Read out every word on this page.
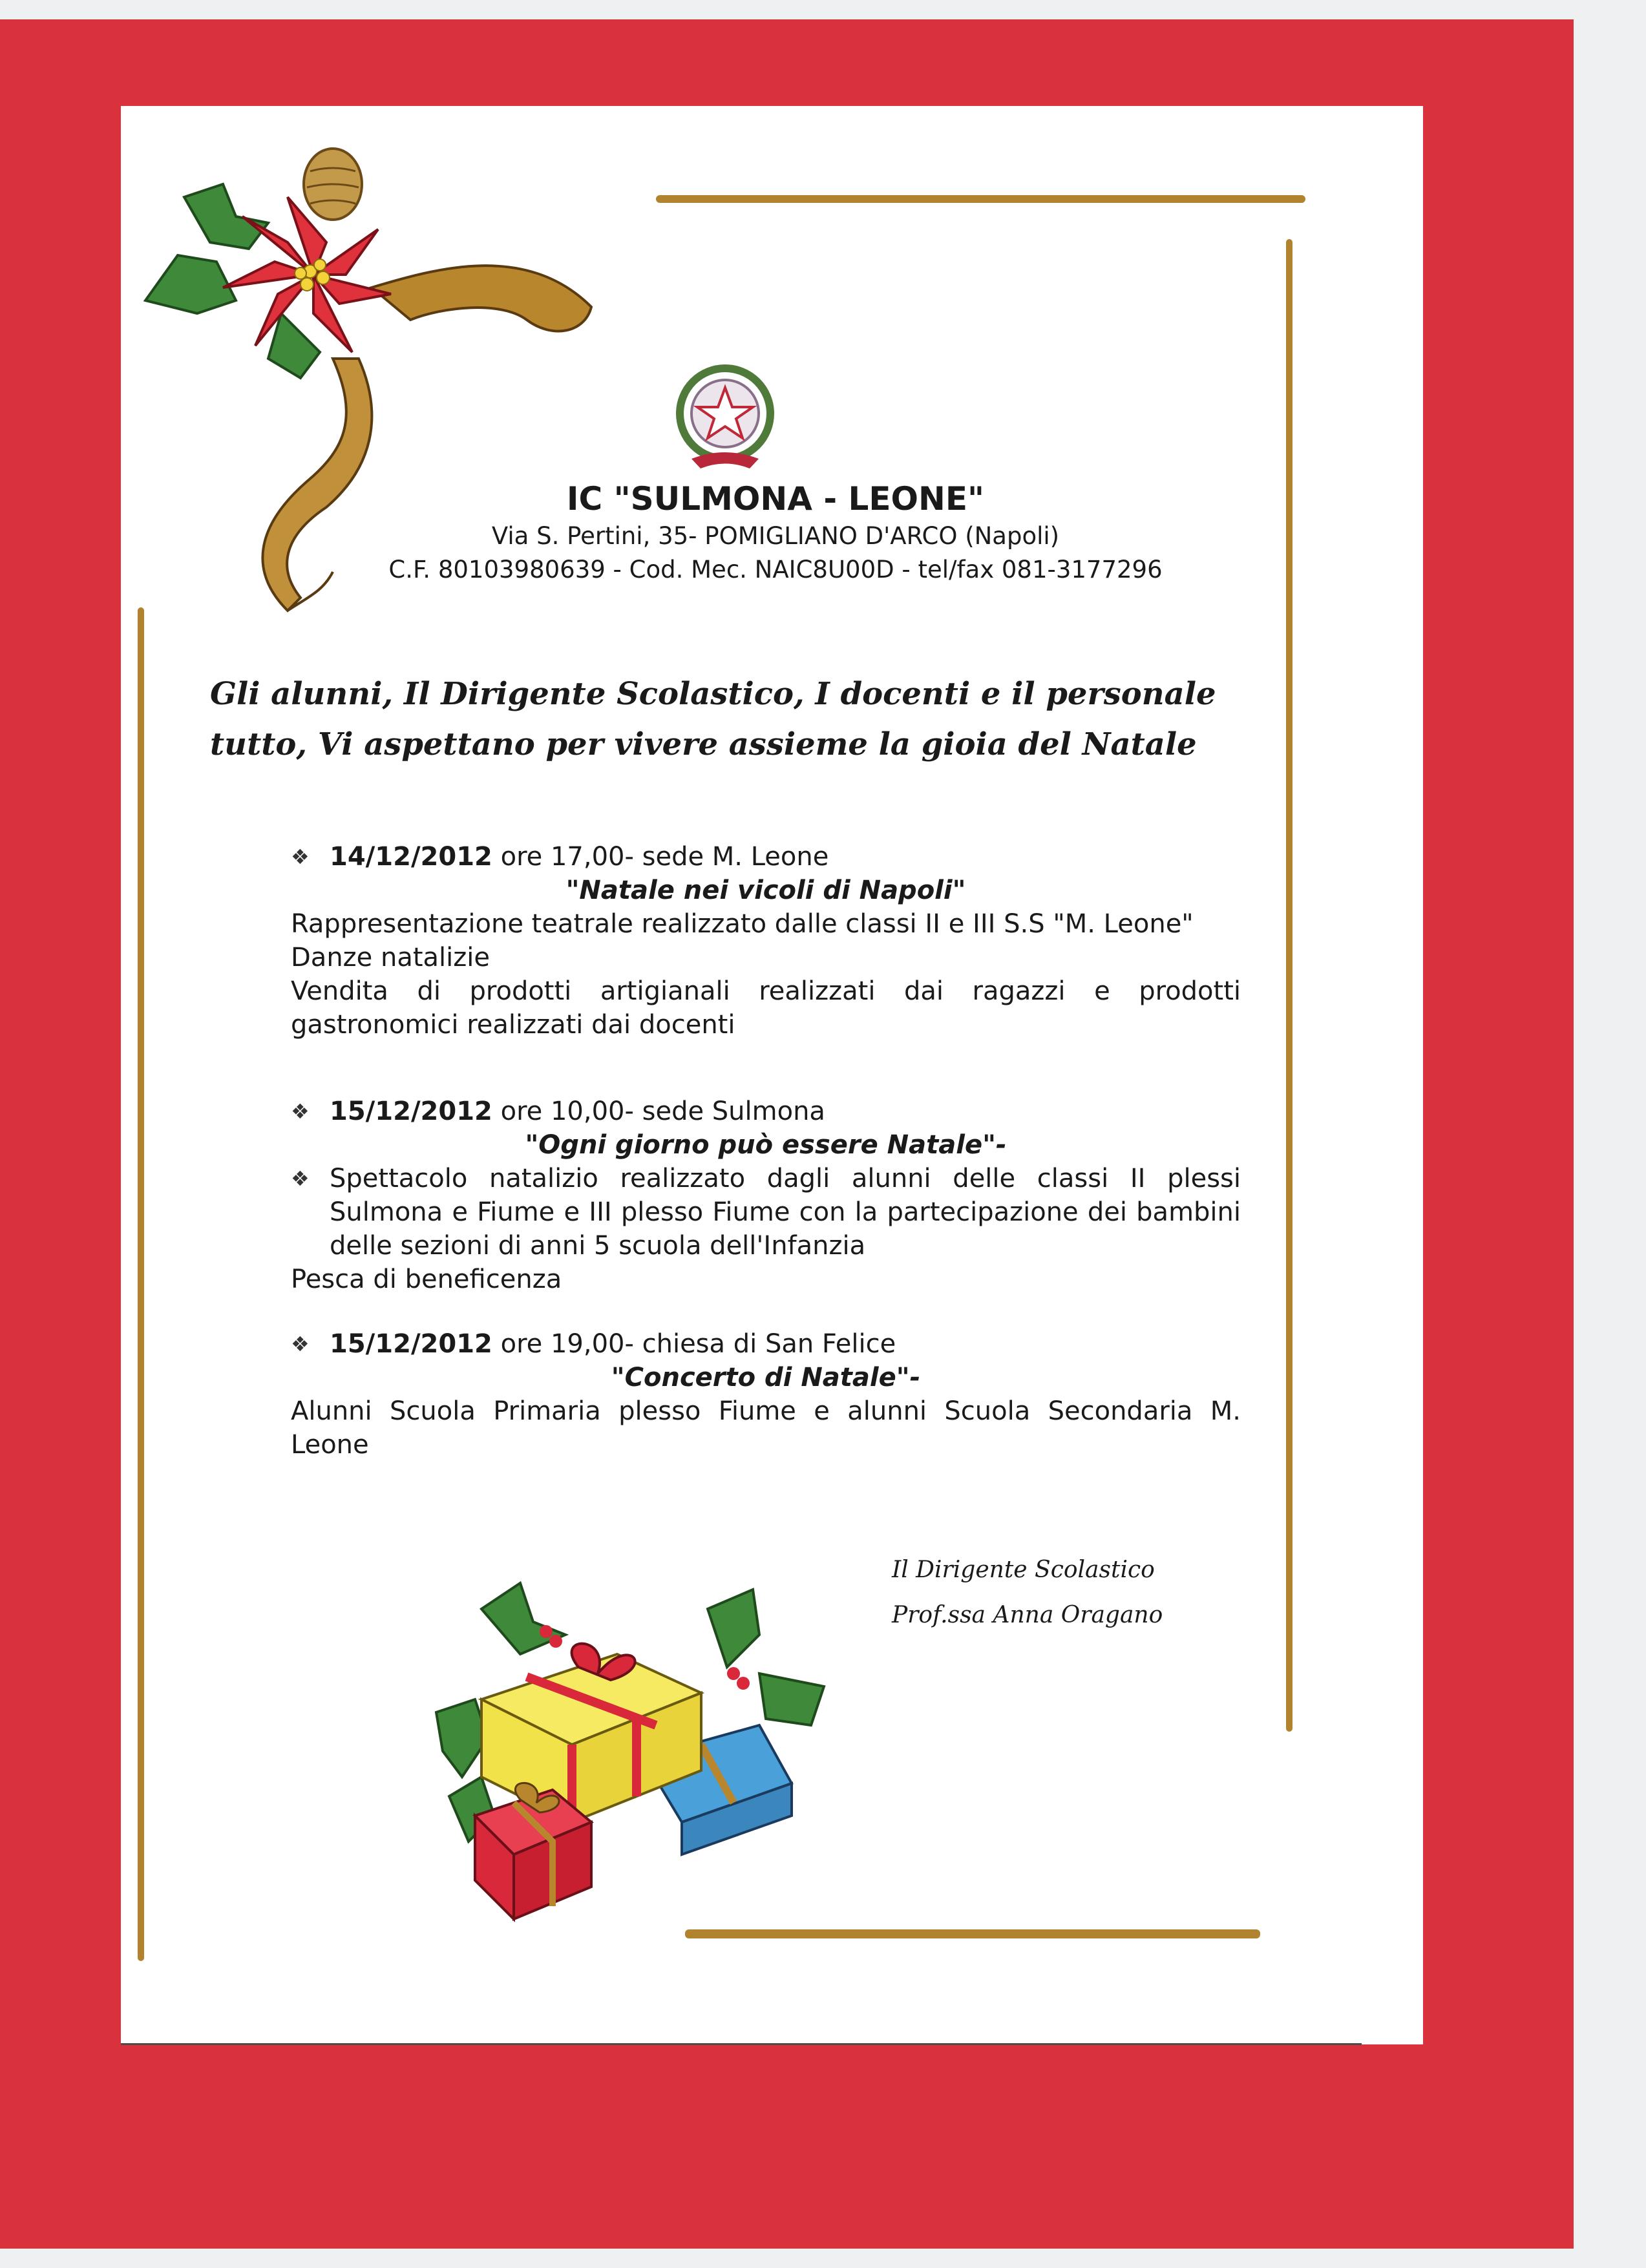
IC "SULMONA - LEONE"
Via S. Pertini, 35- POMIGLIANO D'ARCO (Napoli)
C.F. 80103980639 - Cod. Mec. NAIC8U00D - tel/fax 081-3177296
Gli alunni, Il Dirigente Scolastico, I docenti e il personale tutto, Vi aspettano per vivere assieme la gioia del Natale

❖ 14/12/2012 ore 17,00- sede M. Leone

"Natale nei vicoli di Napoli"

Rappresentazione teatrale realizzato dalle classi II e III S.S "M. Leone"

Danze natalizie

Vendita di prodotti artigianali realizzati dai ragazzi e prodotti gastronomici realizzati dai docenti

❖ 15/12/2012 ore 10,00- sede Sulmona

"Ogni giorno può essere Natale"-

❖ Spettacolo natalizio realizzato dagli alunni delle classi II plessi Sulmona e Fiume e III plesso Fiume con la partecipazione dei bambini delle sezioni di anni 5 scuola dell'Infanzia

Pesca di beneficenza

❖ 15/12/2012 ore 19,00- chiesa di San Felice

"Concerto di Natale"-

Alunni Scuola Primaria plesso Fiume e alunni Scuola Secondaria M. Leone

Il Dirigente Scolastico
Prof.ssa Anna Oragano
